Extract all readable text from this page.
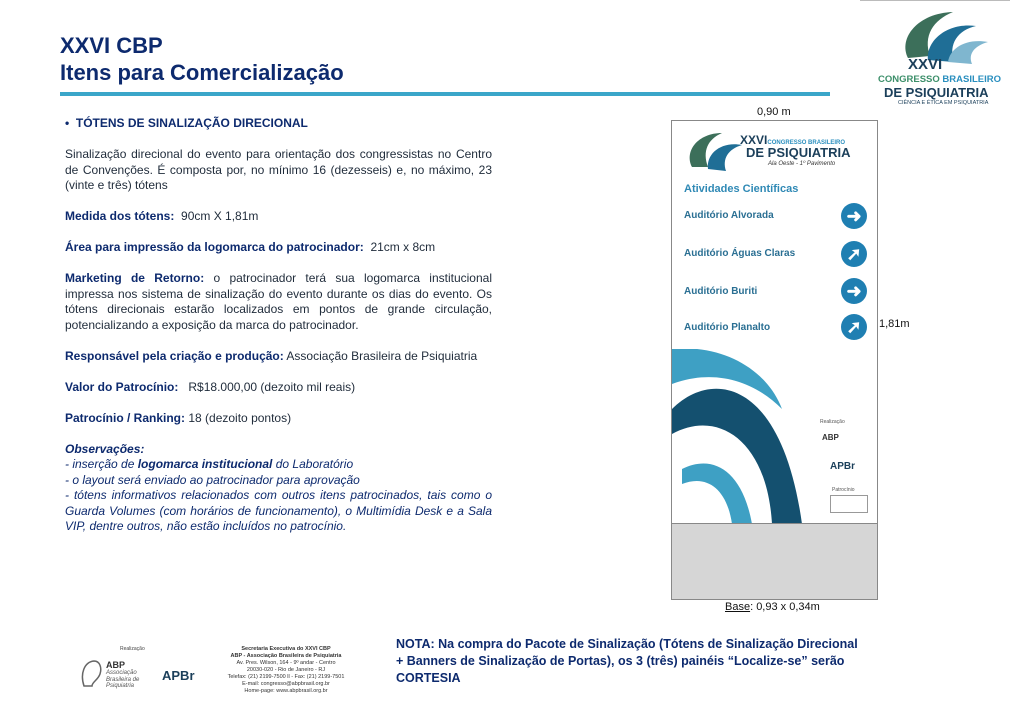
XXVI CBP
Itens para Comercialização	XXVI
CONGRESSO BRASILEIRO
DE PSIQUIATRIA
CIÊNCIA E ÉTICA EM PSIQUIATRIA
•  TÓTENS DE SINALIZAÇÃO DIRECIONAL

Sinalização direcional do evento para orientação dos congressistas no Centro de Convenções. É composta por, no mínimo 16 (dezesseis) e, no máximo, 23 (vinte e três) tótens

Medida dos tótens: 90cm X 1,81m

Área para impressão da logomarca do patrocinador: 21cm x 8cm

Marketing de Retorno: o patrocinador terá sua logomarca institucional impressa nos sistema de sinalização do evento durante os dias do evento. Os tótens direcionais estarão localizados em pontos de grande circulação, potencializando a exposição da marca do patrocinador.

Responsável pela criação e produção: Associação Brasileira de Psiquiatria

Valor do Patrocínio: R$18.000,00 (dezoito mil reais)

Patrocínio / Ranking: 18 (dezoito pontos)

Observações:
- inserção de logomarca institucional do Laboratório
- o layout será enviado ao patrocinador para aprovação
- tótens informativos relacionados com outros itens patrocinados, tais como o Guarda Volumes (com horários de funcionamento), o Multimídia Desk e a Sala VIP, dentre outros, não estão incluídos no patrocínio.
0,90 m
1,81m
XXVICONGRESSO BRASILEIRO
DE PSIQUIATRIA
Ala Oeste - 1º Pavimento
Atividades Científicas
Auditório Alvorada	➜
Auditório Águas Claras	➚
Auditório Buriti	➜
Auditório Planalto	➚
Realização
ABP
APBr
Patrocínio
Base: 0,93 x 0,34m
Realização
ABP
Associação Brasileira de Psiquiatria
APBr
Secretaria Executiva do XXVI CBP
ABP - Associação Brasileira de Psiquiatria
Av. Pres. Wilson, 164 - 9º andar - Centro
20030-020 - Rio de Janeiro - RJ
Telefax: (21) 2199-7500 ll - Fax: (21) 2199-7501
E-mail: congresso@abpbrasil.org.br
Home-page: www.abpbrasil.org.br
NOTA: Na compra do Pacote de Sinalização (Tótens de Sinalização Direcional + Banners de Sinalização de Portas), os 3 (três) painéis “Localize-se” serão CORTESIA
